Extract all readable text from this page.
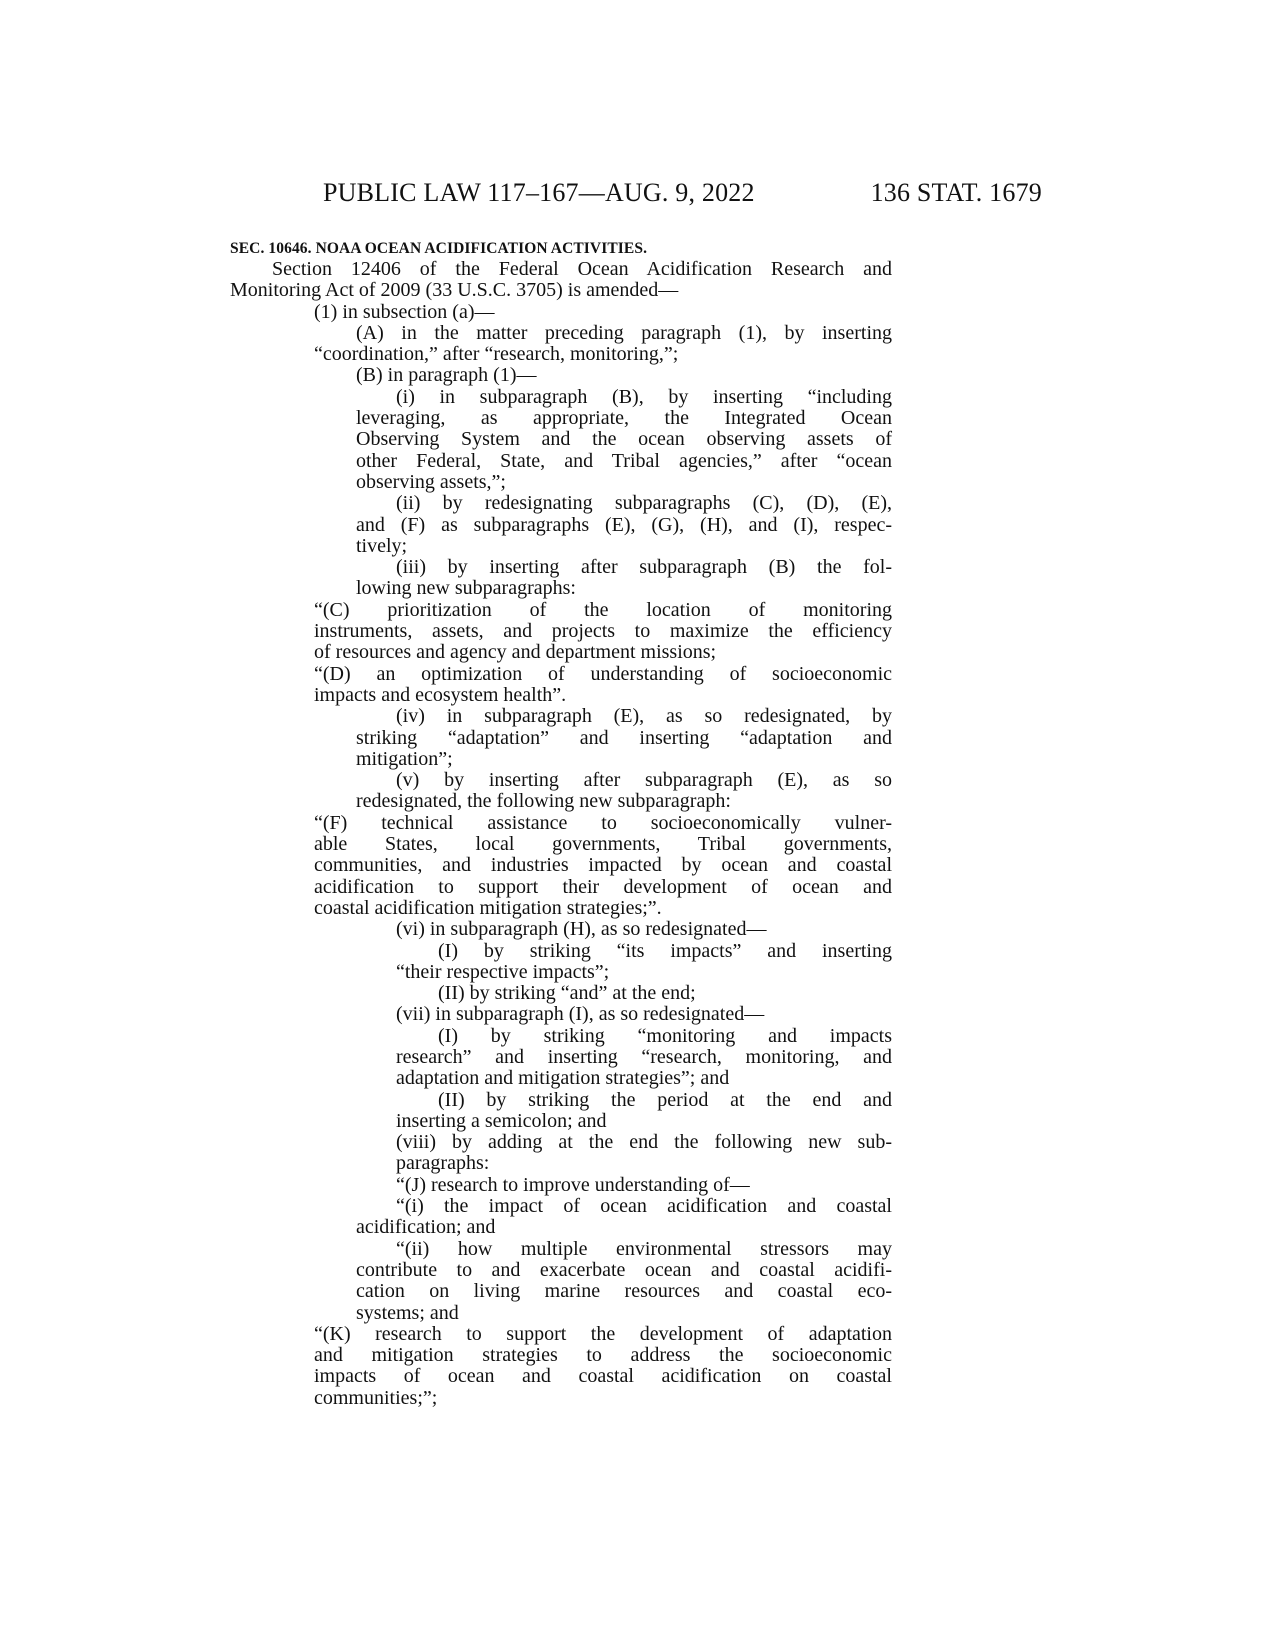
PUBLIC LAW 117–167—AUG. 9, 2022	136 STAT. 1679
SEC. 10646. NOAA OCEAN ACIDIFICATION ACTIVITIES.
Section 12406 of the Federal Ocean Acidification Research and
Monitoring Act of 2009 (33 U.S.C. 3705) is amended—
(1) in subsection (a)—
(A) in the matter preceding paragraph (1), by inserting
“coordination,” after “research, monitoring,”;
(B) in paragraph (1)—
(i) in subparagraph (B), by inserting “including
leveraging, as appropriate, the Integrated Ocean
Observing System and the ocean observing assets of
other Federal, State, and Tribal agencies,” after “ocean
observing assets,”;
(ii) by redesignating subparagraphs (C), (D), (E),
and (F) as subparagraphs (E), (G), (H), and (I), respec-
tively;
(iii) by inserting after subparagraph (B) the fol-
lowing new subparagraphs:
“(C) prioritization of the location of monitoring
instruments, assets, and projects to maximize the efficiency
of resources and agency and department missions;
“(D) an optimization of understanding of socioeconomic
impacts and ecosystem health”.
(iv) in subparagraph (E), as so redesignated, by
striking “adaptation” and inserting “adaptation and
mitigation”;
(v) by inserting after subparagraph (E), as so
redesignated, the following new subparagraph:
“(F) technical assistance to socioeconomically vulner-
able States, local governments, Tribal governments,
communities, and industries impacted by ocean and coastal
acidification to support their development of ocean and
coastal acidification mitigation strategies;”.
(vi) in subparagraph (H), as so redesignated—
(I) by striking “its impacts” and inserting
“their respective impacts”;
(II) by striking “and” at the end;
(vii) in subparagraph (I), as so redesignated—
(I) by striking “monitoring and impacts
research” and inserting “research, monitoring, and
adaptation and mitigation strategies”; and
(II) by striking the period at the end and
inserting a semicolon; and
(viii) by adding at the end the following new sub-
paragraphs:
“(J) research to improve understanding of—
“(i) the impact of ocean acidification and coastal
acidification; and
“(ii) how multiple environmental stressors may
contribute to and exacerbate ocean and coastal acidifi-
cation on living marine resources and coastal eco-
systems; and
“(K) research to support the development of adaptation
and mitigation strategies to address the socioeconomic
impacts of ocean and coastal acidification on coastal
communities;”;
